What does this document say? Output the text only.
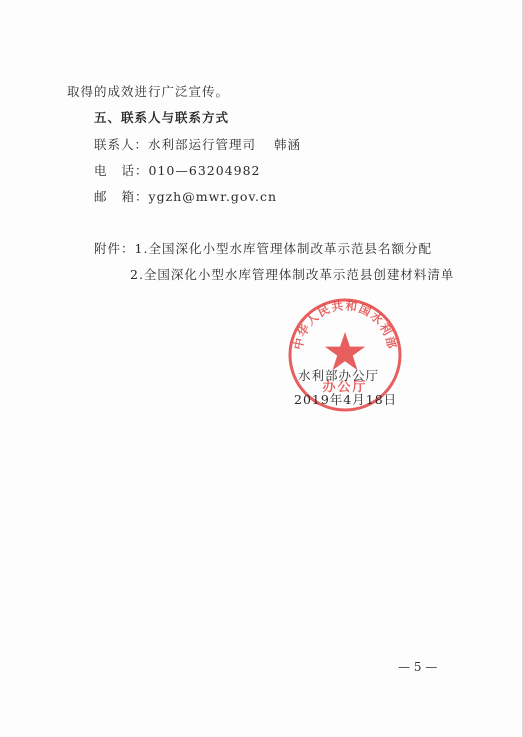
取得的成效进行广泛宣传。
五、联系人与联系方式
联系人：水利部运行管理司 韩涵
电 话：010—63204982
邮 箱：ygzh@mwr.gov.cn
附件：1.全国深化小型水库管理体制改革示范县名额分配
2.全国深化小型水库管理体制改革示范县创建材料清单
中华人民共和国水利部
办公厅
水利部办公厅
2019年4月18日
— 5 —
